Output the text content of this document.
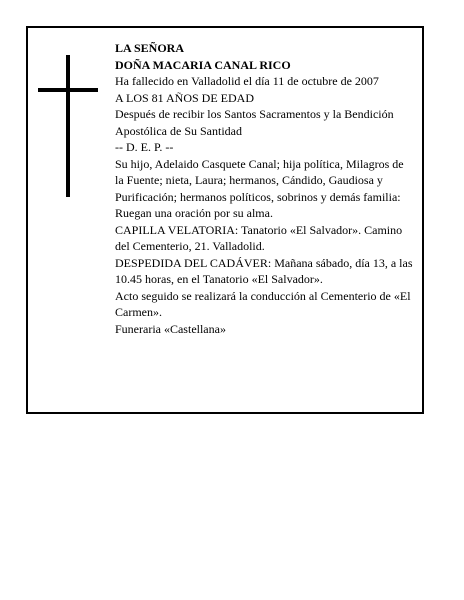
LA SEÑORA

DOÑA MACARIA CANAL RICO

Ha fallecido en Valladolid el día 11 de octubre de 2007

A LOS 81 AÑOS DE EDAD

Después de recibir los Santos Sacramentos y la Bendición Apostólica de Su Santidad

-- D. E. P. --

Su hijo, Adelaido Casquete Canal; hija política, Milagros de la Fuente; nieta, Laura; hermanos, Cándido, Gaudiosa y Purificación; hermanos políticos, sobrinos y demás familia:

Ruegan una oración por su alma.

CAPILLA VELATORIA: Tanatorio «El Salvador». Camino del Cementerio, 21. Valladolid.

DESPEDIDA DEL CADÁVER: Mañana sábado, día 13, a las 10.45 horas, en el Tanatorio «El Salvador».

Acto seguido se realizará la conducción al Cementerio de «El Carmen».

Funeraria «Castellana»
